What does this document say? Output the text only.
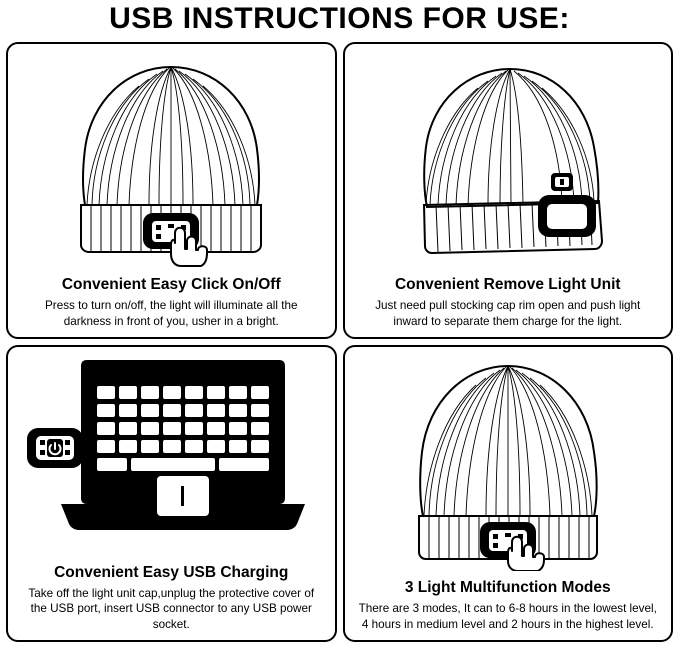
USB INSTRUCTIONS FOR USE:
Convenient Easy Click On/Off
Press to turn on/off, the light will illuminate all the darkness in front of you, usher in a bright.
Convenient Remove Light Unit
Just need pull stocking cap rim open and push light inward to separate them charge for the light.
Convenient Easy USB Charging
Take off the light unit cap,unplug the protective cover of the USB port, insert USB connector to any USB power socket.
3 Light Multifunction Modes
There are 3 modes, It can to 6-8 hours in the lowest level, 4 hours in medium level and 2 hours in the highest level.
